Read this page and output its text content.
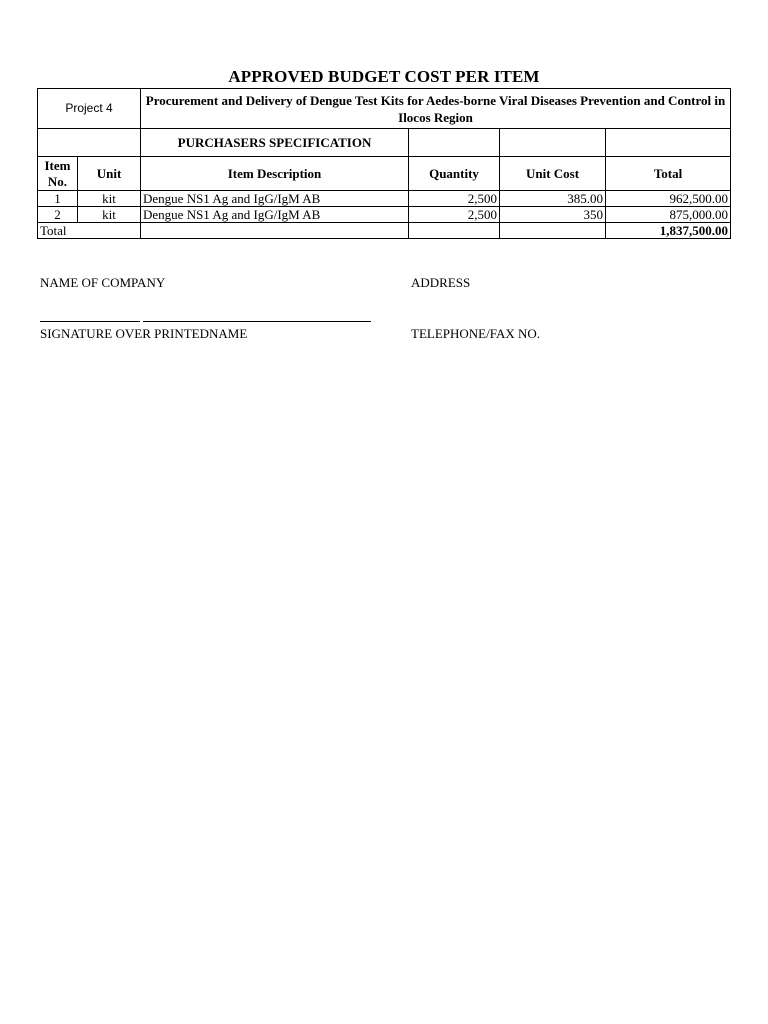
APPROVED BUDGET COST PER ITEM
Project 4		Procurement and Delivery of Dengue Test Kits for Aedes-borne Viral Diseases Prevention and Control in Ilocos Region			
		PURCHASERS SPECIFICATION			
Item No.	Unit	Item Description	Quantity	Unit Cost	Total
1	kit	Dengue NS1 Ag and IgG/IgM AB	2,500	385.00	962,500.00
2	kit	Dengue NS1 Ag and IgG/IgM AB	2,500	350	875,000.00
Total					1,837,500.00
NAME OF COMPANY	ADDRESS
SIGNATURE OVER PRINTEDNAME	TELEPHONE/FAX NO.
